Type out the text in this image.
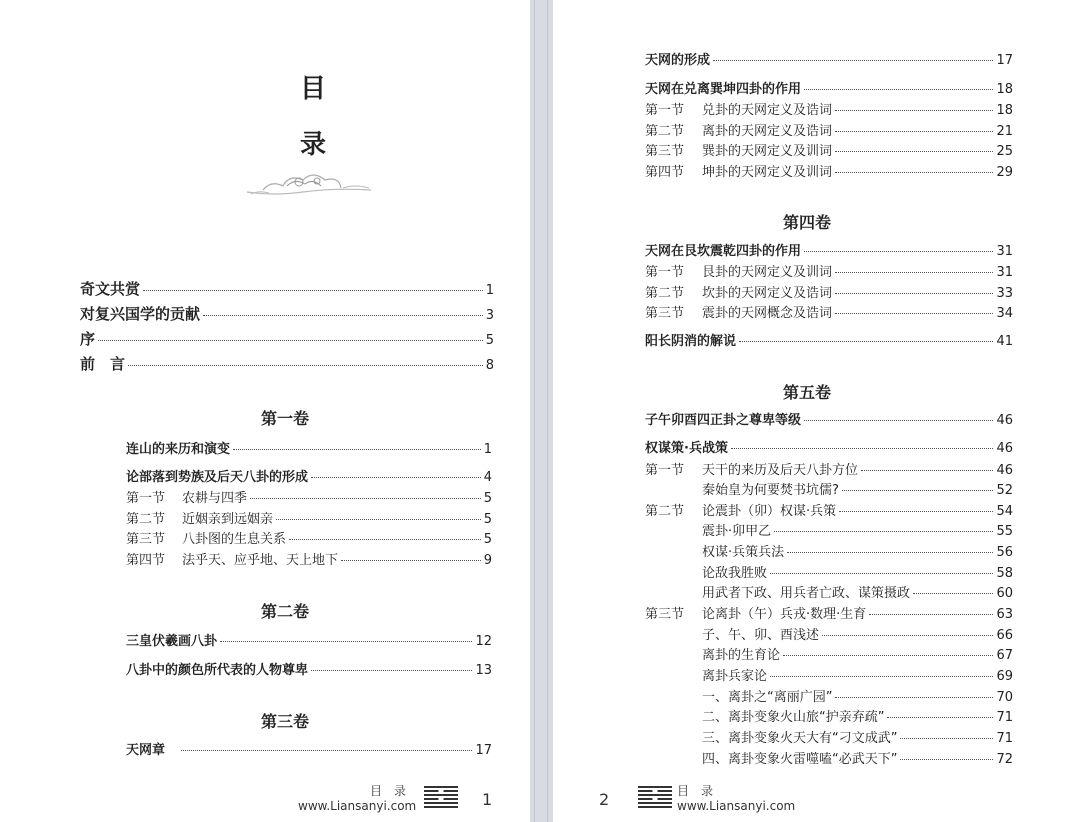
目
录
奇文共赏	1
对复兴国学的贡献	3
序	5
前　言	8
第一卷
连山的来历和演变	1
论部落到势族及后天八卦的形成	4
第一节 农耕与四季	5
第二节 近姻亲到远姻亲	5
第三节 八卦图的生息关系	5
第四节 法乎天、应乎地、天上地下	9
第二卷
三皇伏羲画八卦	12
八卦中的颜色所代表的人物尊卑	13
第三卷
天网章	17
目　录
www.Liansanyi.com	1
天网的形成	17
天网在兑离巽坤四卦的作用	18
第一节 兑卦的天网定义及诰词	18
第二节 离卦的天网定义及诰词	21
第三节 巽卦的天网定义及训词	25
第四节 坤卦的天网定义及训词	29
第四卷
天网在艮坎震乾四卦的作用	31
第一节 艮卦的天网定义及训词	31
第二节 坎卦的天网定义及诰词	33
第三节 震卦的天网概念及诰词	34
阳长阴消的解说	41
第五卷
子午卯酉四正卦之尊卑等级	46
权谋策·兵战策	46
第一节 天干的来历及后天八卦方位	46
秦始皇为何要焚书坑儒?	52
第二节 论震卦（卯）权谋·兵策	54
震卦·卯甲乙	55
权谋·兵策兵法	56
论敌我胜败	58
用武者下政、用兵者亡政、谋策摄政	60
第三节 论离卦（午）兵戎·数理·生育	63
子、午、卯、酉浅述	66
离卦的生育论	67
离卦兵家论	69
一、离卦之“离丽广园”	70
二、离卦变象火山旅“护亲弃疏”	71
三、离卦变象火天大有“刁文成武”	71
四、离卦变象火雷噬嗑“必武天下”	72
2	目　录
www.Liansanyi.com
